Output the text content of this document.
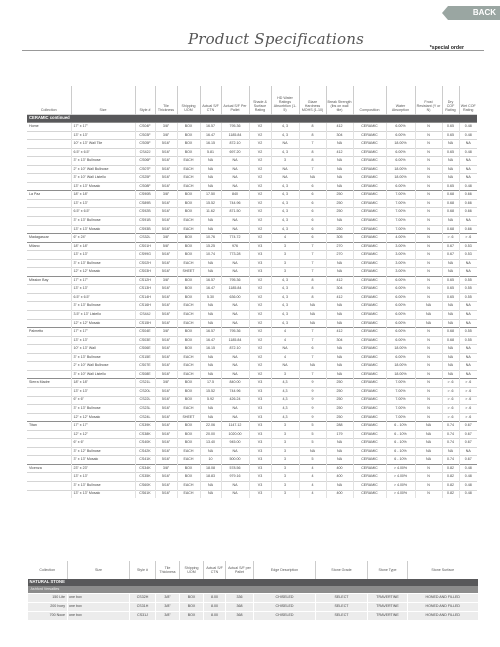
BACK
Product Specifications	*special order
Collection	Size	Style #	Tile Thickness	Shipping UOM	Actual S/F CTN	Actual S/F Per Pallet	Shade & Surface Rating	HD Water Ratings Absorbtion (1-5)	Glaze Hardness MOHS (1-10)	Break Strength (lbs on wall tile)	Composition	Water Absorption	Frost Resistant (Y or N)	Dry COF Rating	Wet COF Rating
CERAMIC continued															
Home	17" x 17"	CS04F	3/8"	BOX	16.57	795.36	V2	4, 3	8	412	CERAMIC	6.00%	N	0.65	0.48
	13" x 13"	CS03F	3/8"	BOX	16.47	1185.84	V2	4, 3	8	304	CERAMIC	6.00%	N	0.65	0.48
	10" x 13" Wall Tile	CS05F	5/16"	BOX	16.15	872.10	V2	NA	7	NA	CERAMIC	18.00%	N	NA	NA
	6.5" x 6.5"	CS42J	5/16"	BOX	5.81	697.20	V2	4, 3	8	412	CERAMIC	6.00%	N	0.65	0.48
	3" x 13" Bullnose	CS06F	5/16"	EACH	NA	NA	V2	3	8	NA	CERAMIC	6.00%	N	NA	NA
	2" x 10" Wall Bullnose	CS07F	5/16"	EACH	NA	NA	V2	NA	7	NA	CERAMIC	18.00%	N	NA	NA
	3" x 10" Wall Listello	CS25F	5/16"	EACH	NA	NA	V2	NA	NA	NA	CERAMIC	18.00%	N	NA	NA
	13" x 13" Mosaic	CS08F	5/16"	EACH	NA	NA	V2	4, 3	6	NA	CERAMIC	6.00%	N	0.65	0.48
La Paz	18" x 18"	CS90B	3/8"	BOX	17.50	840	V2	4, 3	6	250	CERAMIC	7.00%	N	0.68	0.66
	13" x 13"	CS89B	5/16"	BOX	15.52	744.96	V2	4, 3	6	250	CERAMIC	7.00%	N	0.68	0.66
	6.5" x 6.5"	CS92B	5/16"	BOX	11.62	871.50	V2	4, 3	6	250	CERAMIC	7.00%	N	0.68	0.66
	3" x 13" Bullnose	CS91B	5/16"	EACH	NA	NA	V2	4, 3	6	NA	CERAMIC	7.00%	N	NA	NA
	13" x 13" Mosaic	CS93B	5/16"	EACH	NA	NA	V2	4, 3	6	250	CERAMIC	7.00%	N	0.68	0.66
Madagascar	6" x 24"	CS32L	3/8"	BOX	10.76	774.72	V2	4	6	305	CERAMIC	4.00%	N	> .6	> .6
Milano	18" x 18"	CS01H	5/8"	BOX	15.25	976	V3	3	7	270	CERAMIC	3.00%	N	0.67	0.53
	13" x 13"	CS99G	5/16"	BOX	10.74	773.28	V3	3	7	270	CERAMIC	3.00%	N	0.67	0.53
	3" x 13" Bullnose	CS02H	5/16"	EACH	NA	NA	V3	3	7	NA	CERAMIC	3.00%	N	NA	NA
	12" x 12" Mosaic	CS03H	5/16"	SHEET	NA	NA	V3	3	7	NA	CERAMIC	3.00%	N	NA	NA
Mission Bay	17" x 17"	CS12H	3/8"	BOX	16.57	795.36	V2	4, 3	8	412	CERAMIC	6.00%	N	0.65	0.55
	13" x 13"	CS13H	5/16"	BOX	16.47	1185.84	V2	4, 3	8	304	CERAMIC	6.00%	N	0.65	0.55
	6.5" x 6.5"	CS14H	5/16"	BOX	5.30	636.00	V2	4, 3	8	412	CERAMIC	6.00%	N	0.65	0.55
	3" x 13" Bullnose	CS16H	5/16"	EACH	NA	NA	V2	4, 3	NA	NA	CERAMIC	6.00%	NA	NA	NA
	3.5" x 13" Listello	CS44J	5/16"	EACH	NA	NA	V2	4, 3	NA	NA	CERAMIC	6.00%	NA	NA	NA
	12" x 12" Mosaic	CS15H	5/16"	EACH	NA	NA	V2	4, 3	NA	NA	CERAMIC	6.00%	NA	NA	NA
Palmetto	17" x 17"	CS04E	3/8"	BOX	16.57	795.36	V2	4	7	412	CERAMIC	6.00%	N	0.68	0.55
	13" x 13"	CS03E	5/16"	BOX	16.47	1185.84	V2	4	7	304	CERAMIC	6.00%	N	0.68	0.55
	10" x 13" Wall	CS06E	5/16"	BOX	16.15	872.10	V2	NA	6	NA	CERAMIC	18.00%	N	NA	NA
	3" x 13" Bullnose	CS15E	5/16"	EACH	NA	NA	V2	4	7	NA	CERAMIC	6.00%	N	NA	NA
	2" x 10" Wall Bullnose	CS07E	5/16"	EACH	NA	NA	V2	NA	NA	NA	CERAMIC	18.00%	N	NA	NA
	3" x 10" Wall Listello	CS08E	5/16"	EACH	NA	NA	V2	3	7	NA	CERAMIC	18.00%	N	NA	NA
Sierra Madre	18" x 18"	CS21L	3/8"	BOX	17.5	840.00	V3	4,3	9	250	CERAMIC	7.00%	N	> .6	> .6
	13" x 13"	CS20L	5/16"	BOX	15.52	744.96	V3	4,3	9	250	CERAMIC	7.00%	N	> .6	> .6
	6" x 6"	CS22L	5/16"	BOX	5.92	426.24	V3	4,3	9	250	CERAMIC	7.00%	N	> .6	> .6
	3" x 13" Bullnose	CS23L	5/16"	EACH	NA	NA	V3	4,3	9	250	CERAMIC	7.00%	N	> .6	> .6
	12" x 12" Mosaic	CS24L	5/16"	SHEET	NA	NA	V3	4,3	9	250	CERAMIC	7.00%	N	> .6	> .6
Titan	17" x 17"	CS39K	5/16"	BOX	22.06	1147.12	V3	3	5	288	CERAMIC	6 - 10%	NA	0.74	0.67
	12" x 12"	CS38K	5/16"	BOX	20.00	1020.00	V3	3	5	179	CERAMIC	6 - 10%	NA	0.74	0.67
	6" x 6"	CS40K	5/16"	BOX	13.40	945.00	V3	3	5	NA	CERAMIC	6 - 10%	NA	0.74	0.67
	3" x 12" Bullnose	CS42K	5/16"	EACH	NA	NA	V3	3	NA	NA	CERAMIC	6 - 10%	NA	NA	NA
	3" x 13" Mosaic	CS41K	5/16"	EACH	10	500.00	V3	3	5	NA	CERAMIC	6 - 10%	NA	0.74	0.67
Vicenza	23" x 23"	CS34K	3/8"	BOX	18.08	578.56	V3	3	4	400	CERAMIC	> 4.00%	N	0.82	0.48
	13" x 13"	CS35K	5/16"	BOX	18.83	979.16	V3	3	4	400	CERAMIC	> 4.00%	N	0.82	0.48
	3" x 13" Bullnose	CS60K	5/16"	EACH	NA	NA	V3	3	4	NA	CERAMIC	> 4.00%	N	0.82	0.48
	13" x 13" Mosaic	CS61K	5/16"	EACH	NA	NA	V3	3	4	400	CERAMIC	> 4.00%	N	0.82	0.48
Collection	Size	Style #	Tile Thickness	Shipping UOM	Actual S/F CTN	Actual S/F per Pallet	Edge Description	Stone Grade	Stone Type	Stone Surface
NATURAL STONE										
Ashford Versailles										
150 Lite	one box	CS32H	3/8"	BOX	8.00	336	CHISELED	SELECT	TRAVERTINE	HONED AND FILLED
200 Ivory	one box	CS31H	3/8"	BOX	8.00	368	CHISELED	SELECT	TRAVERTINE	HONED AND FILLED
700 Noce	one box	CS31J	3/8"	BOX	8.00	368	CHISELED	SELECT	TRAVERTINE	HONED AND FILLED
